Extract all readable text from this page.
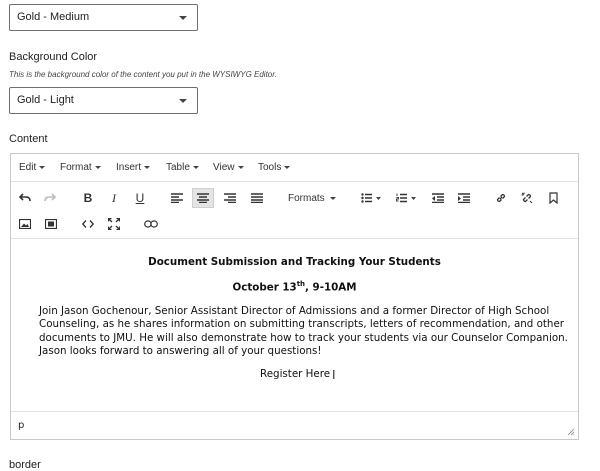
Gold - Medium
Background Color
This is the background color of the content you put in the WYSIWYG Editor.
Gold - Light
Content
Edit	Format	Insert	Table	View	Tools
B	I	U	Formats
Document Submission and Tracking Your Students
October 13th, 9-10AM
Join Jason Gochenour, Senior Assistant Director of Admissions and a former Director of High School Counseling, as he shares information on submitting transcripts, letters of recommendation, and other documents to JMU. He will also demonstrate how to track your students via our Counselor Companion. Jason looks forward to answering all of your questions!
Register Here I
p
border
